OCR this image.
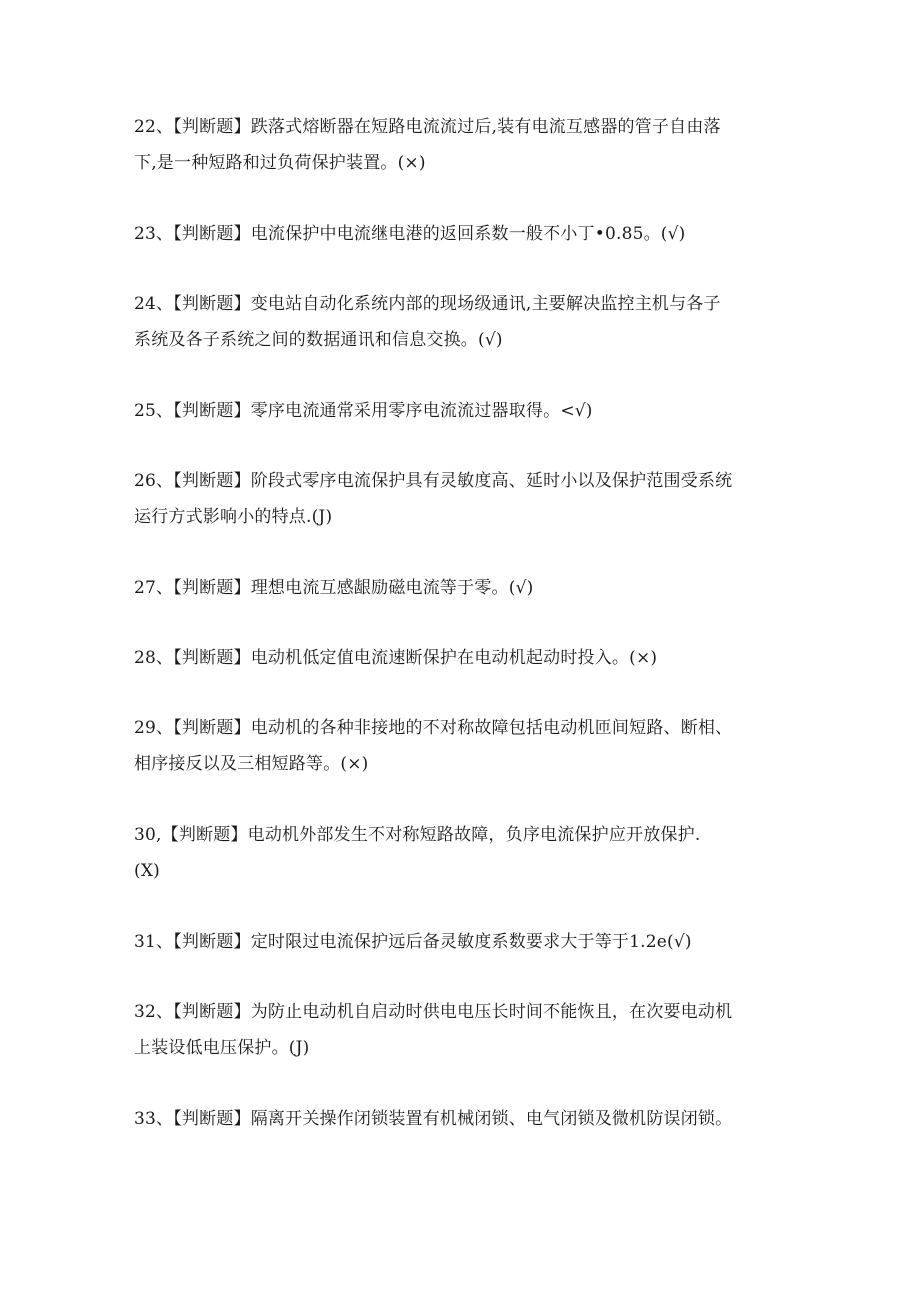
22、【判断题】跌落式熔断器在短路电流流过后,装有电流互感器的管子自由落
下,是一种短路和过负荷保护装置。(×)
23、【判断题】电流保护中电流继电港的返回系数一般不小丁•0.85。(√)
24、【判断题】变电站自动化系统内部的现场级通讯,主要解决监控主机与各子
系统及各子系统之间的数据通讯和信息交换。(√)
25、【判断题】零序电流通常采用零序电流流过器取得。<√)
26、【判断题】阶段式零序电流保护具有灵敏度高、延时小以及保护范围受系统
运行方式影响小的特点.(J)
27、【判断题】理想电流互感龈励磁电流等于零。(√)
28、【判断题】电动机低定值电流速断保护在电动机起动时投入。(×)
29、【判断题】电动机的各种非接地的不对称故障包括电动机匝间短路、断相、
相序接反以及三相短路等。(×)
30,【判断题】电动机外部发生不对称短路故障，负序电流保护应开放保护.
(X)
31、【判断题】定时限过电流保护远后备灵敏度系数要求大于等于1.2e(√)
32、【判断题】为防止电动机自启动时供电电压长时间不能恢且，在次要电动机
上装设低电压保护。(J)
33、【判断题】隔离开关操作闭锁装置有机械闭锁、电气闭锁及微机防误闭锁。
